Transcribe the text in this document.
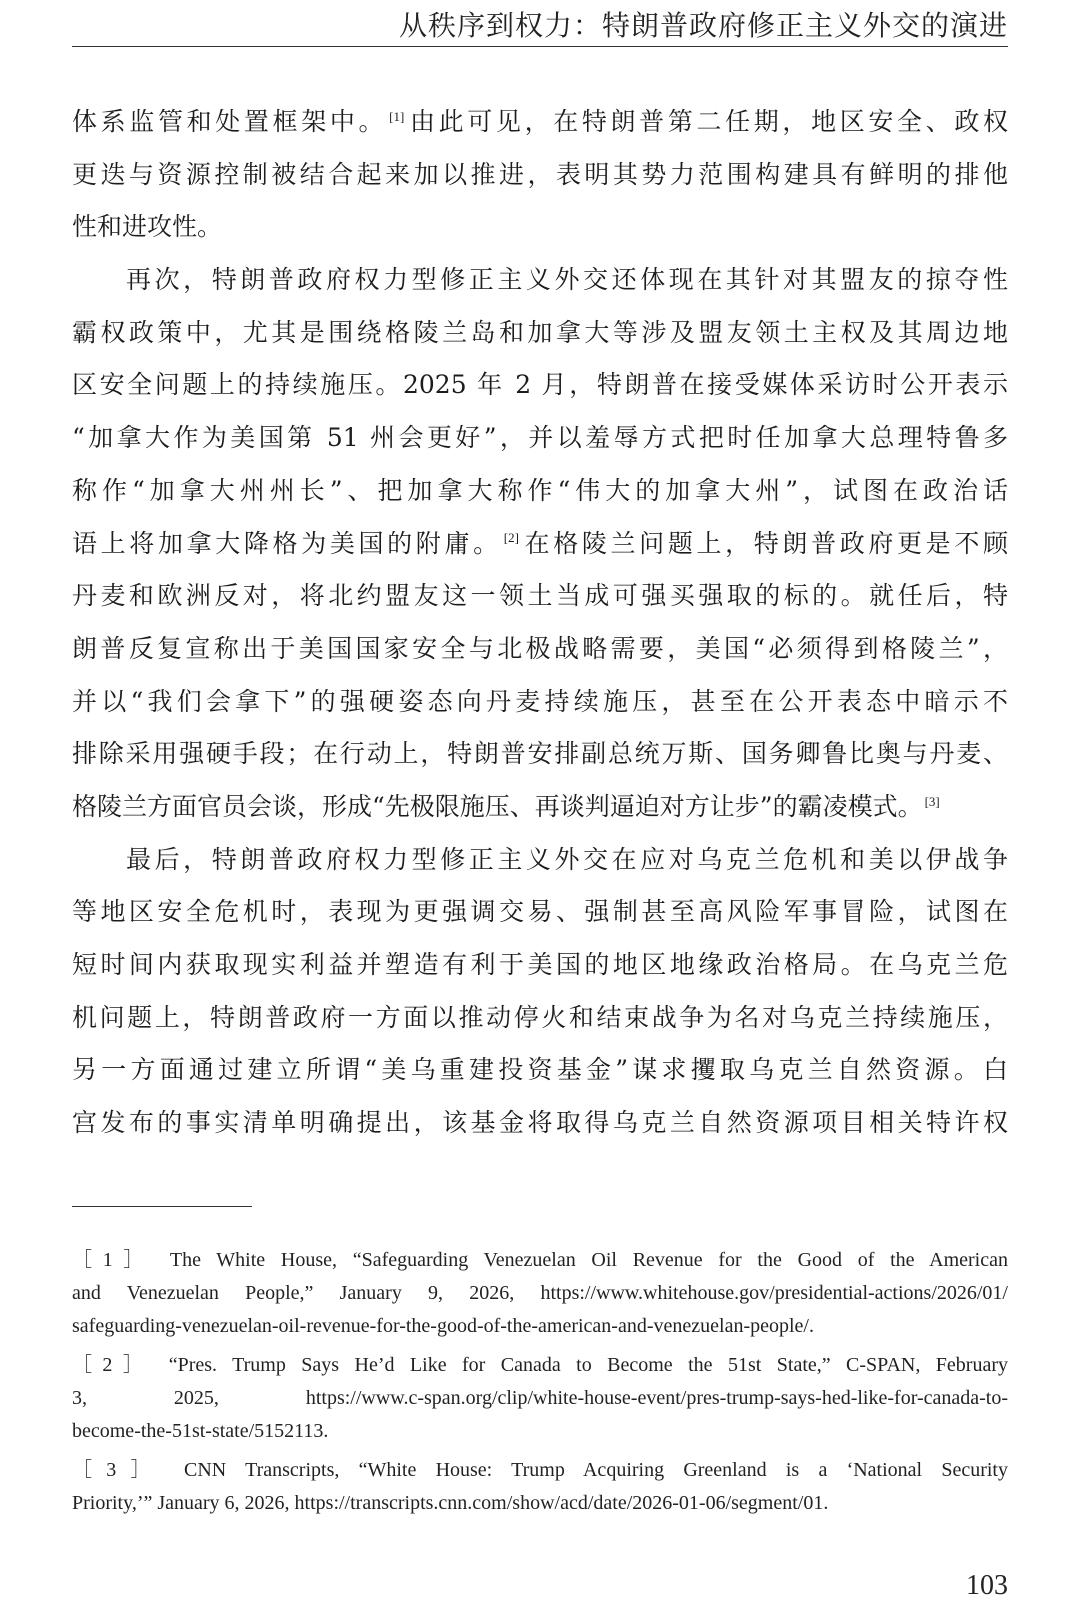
从秩序到权力：特朗普政府修正主义外交的演进
体系监管和处置框架中。 [1]由此可见，在特朗普第二任期，地区安全、政权
更迭与资源控制被结合起来加以推进，表明其势力范围构建具有鲜明的排他
性和进攻性。
再次，特朗普政府权力型修正主义外交还体现在其针对其盟友的掠夺性
霸权政策中，尤其是围绕格陵兰岛和加拿大等涉及盟友领土主权及其周边地
区安全问题上的持续施压。2025 年 2 月，特朗普在接受媒体采访时公开表示
“加拿大作为美国第 51 州会更好”，并以羞辱方式把时任加拿大总理特鲁多
称作“加拿大州州长”、把加拿大称作“伟大的加拿大州”，试图在政治话
语上将加拿大降格为美国的附庸。 [2]在格陵兰问题上，特朗普政府更是不顾
丹麦和欧洲反对，将北约盟友这一领土当成可强买强取的标的。就任后，特
朗普反复宣称出于美国国家安全与北极战略需要，美国“必须得到格陵兰”，
并以“我们会拿下”的强硬姿态向丹麦持续施压，甚至在公开表态中暗示不
排除采用强硬手段；在行动上，特朗普安排副总统万斯、国务卿鲁比奥与丹麦、
格陵兰方面官员会谈，形成“先极限施压、再谈判逼迫对方让步”的霸凌模式。 [3]
最后，特朗普政府权力型修正主义外交在应对乌克兰危机和美以伊战争
等地区安全危机时，表现为更强调交易、强制甚至高风险军事冒险，试图在
短时间内获取现实利益并塑造有利于美国的地区地缘政治格局。在乌克兰危
机问题上，特朗普政府一方面以推动停火和结束战争为名对乌克兰持续施压，
另一方面通过建立所谓“美乌重建投资基金”谋求攫取乌克兰自然资源。白
宫发布的事实清单明确提出，该基金将取得乌克兰自然资源项目相关特许权
［1］ The White House, “Safeguarding Venezuelan Oil Revenue for the Good of the American
and Venezuelan People,” January 9, 2026, https://www.whitehouse.gov/presidential-actions/2026/01/
safeguarding-venezuelan-oil-revenue-for-the-good-of-the-american-and-venezuelan-people/.
［2］ “Pres. Trump Says He’d Like for Canada to Become the 51st State,” C-SPAN, February
3, 2025, https://www.c-span.org/clip/white-house-event/pres-trump-says-hed-like-for-canada-to-
become-the-51st-state/5152113.
［3］ CNN Transcripts, “White House: Trump Acquiring Greenland is a ‘National Security
Priority,’” January 6, 2026, https://transcripts.cnn.com/show/acd/date/2026-01-06/segment/01.
103
